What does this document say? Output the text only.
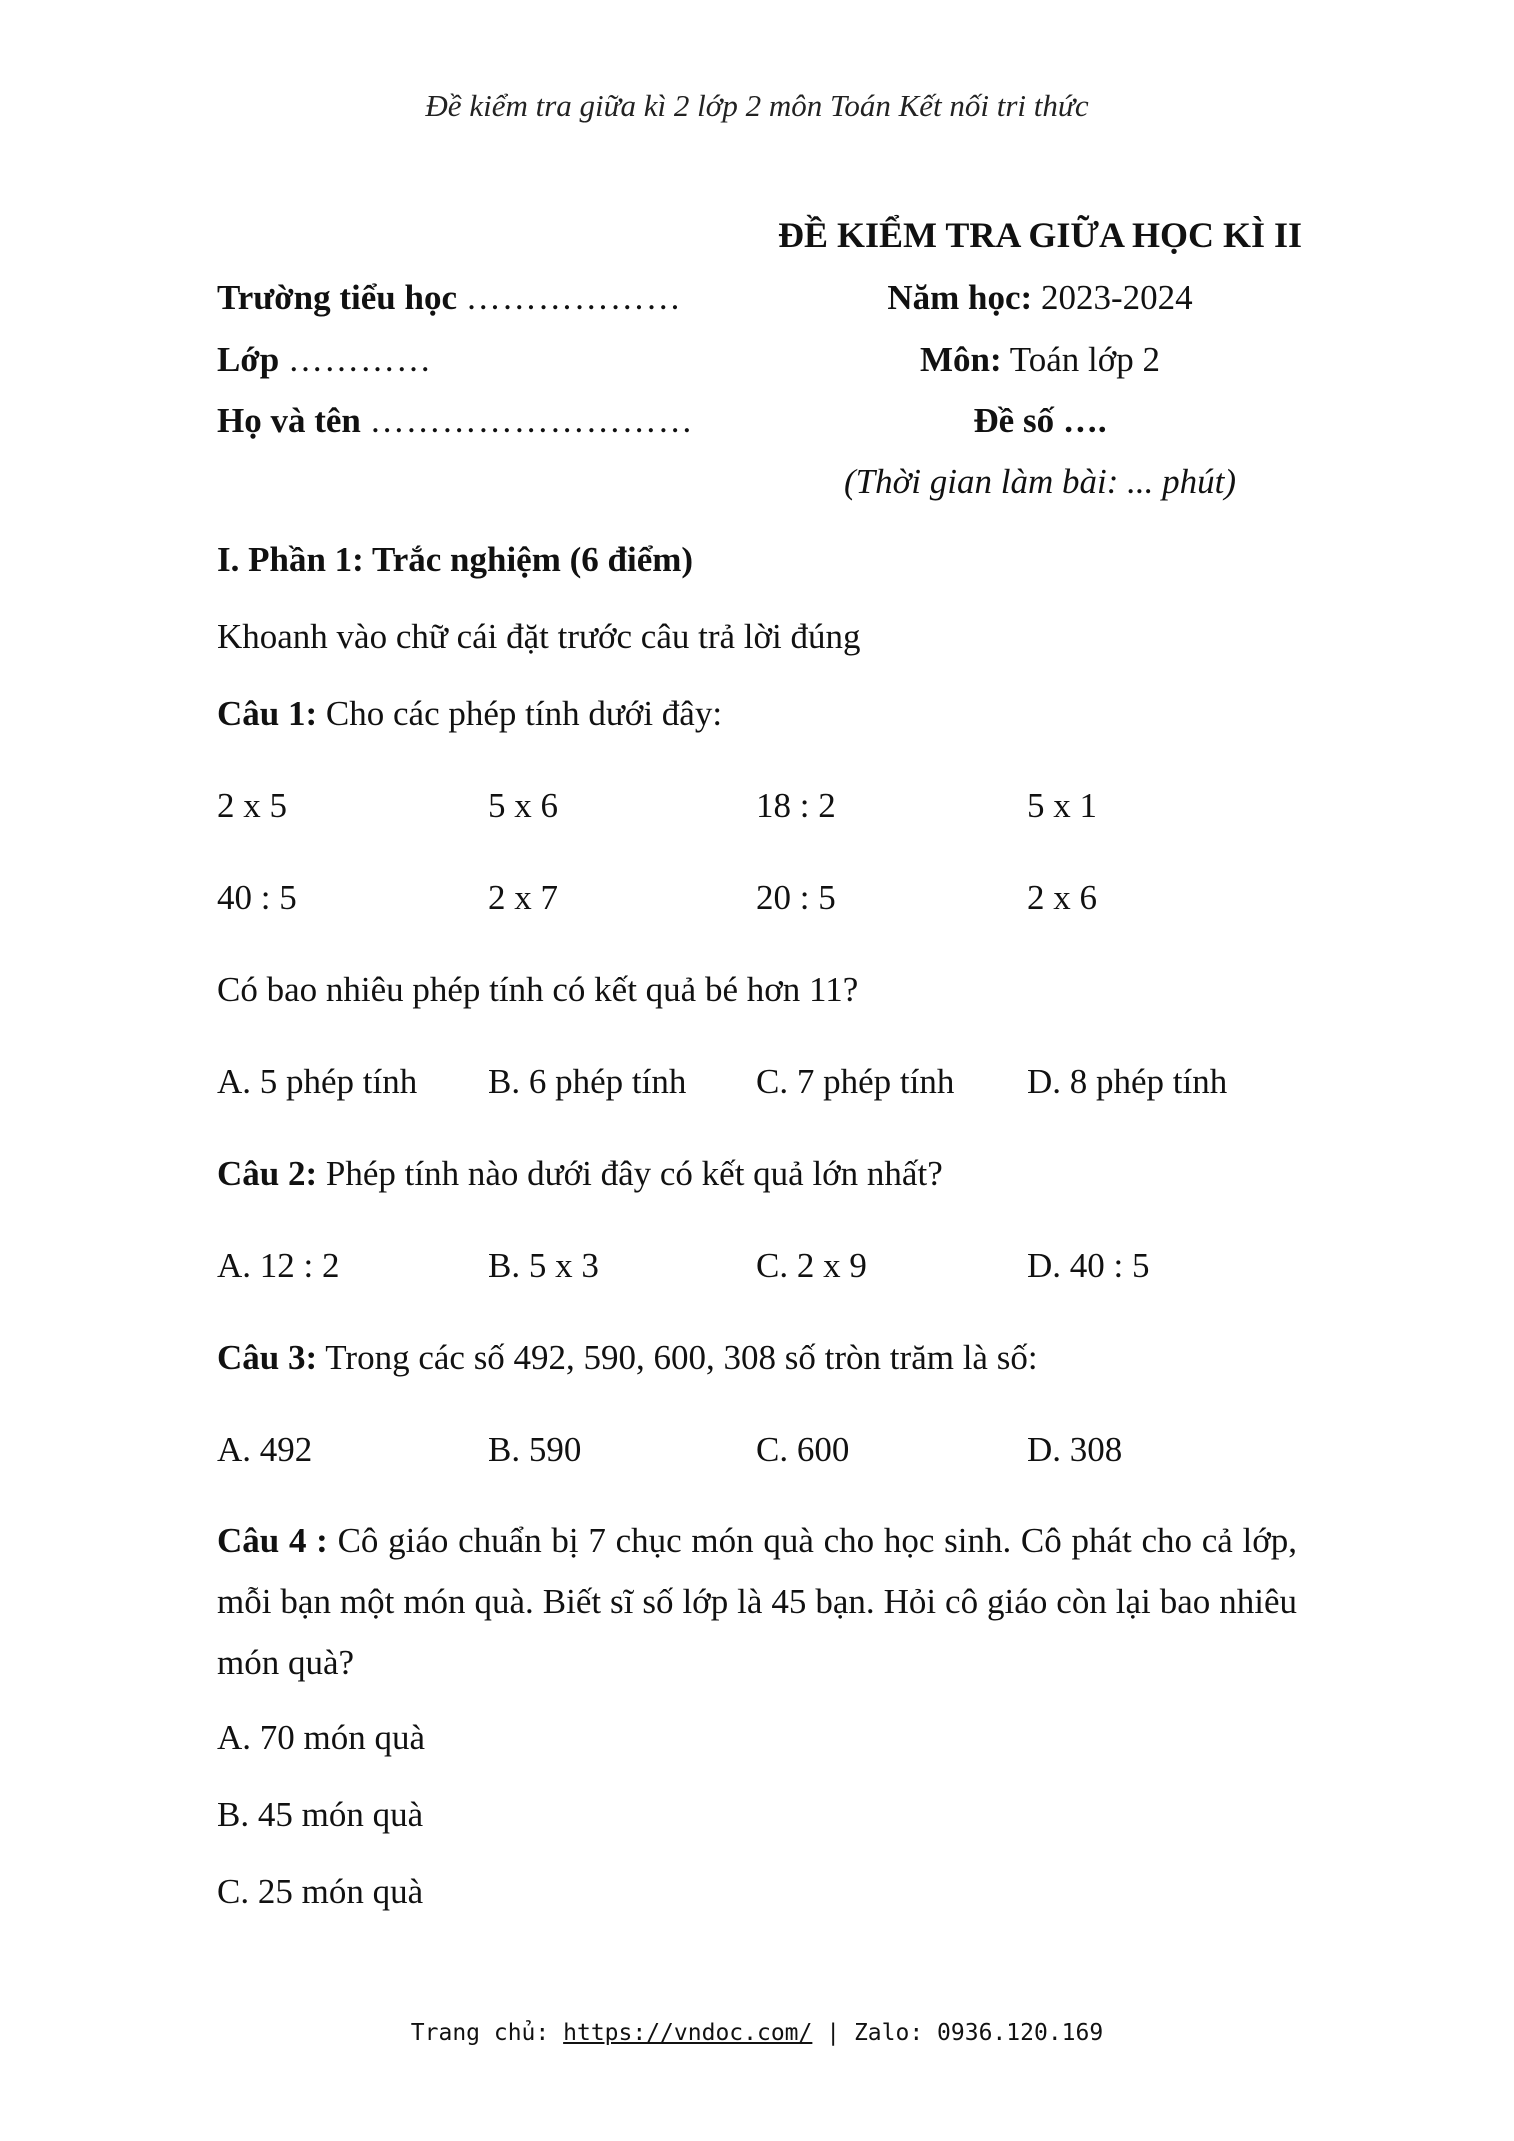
Đề kiểm tra giữa kì 2 lớp 2 môn Toán Kết nối tri thức
ĐỀ KIỂM TRA GIỮA HỌC KÌ II
Trường tiểu học ………………
Lớp …………
Họ và tên ………………………
Năm học: 2023-2024
Môn: Toán lớp 2
Đề số ….
(Thời gian làm bài: ... phút)
I. Phần 1: Trắc nghiệm (6 điểm)
Khoanh vào chữ cái đặt trước câu trả lời đúng
Câu 1: Cho các phép tính dưới đây:
2 x 5	5 x 6	18 : 2	5 x 1
40 : 5	2 x 7	20 : 5	2 x 6
Có bao nhiêu phép tính có kết quả bé hơn 11?
A. 5 phép tính B. 6 phép tính C. 7 phép tính D. 8 phép tính
Câu 2: Phép tính nào dưới đây có kết quả lớn nhất?
A. 12 : 2	B. 5 x 3	C. 2 x 9	D. 40 : 5
Câu 3: Trong các số 492, 590, 600, 308 số tròn trăm là số:
A. 492	B. 590	C. 600	D. 308
Câu 4 : Cô giáo chuẩn bị 7 chục món quà cho học sinh. Cô phát cho cả lớp, mỗi bạn một món quà. Biết sĩ số lớp là 45 bạn. Hỏi cô giáo còn lại bao nhiêu món quà?
A. 70 món quà
B. 45 món quà
C. 25 món quà
Trang chủ: https://vndoc.com/ | Zalo: 0936.120.169
